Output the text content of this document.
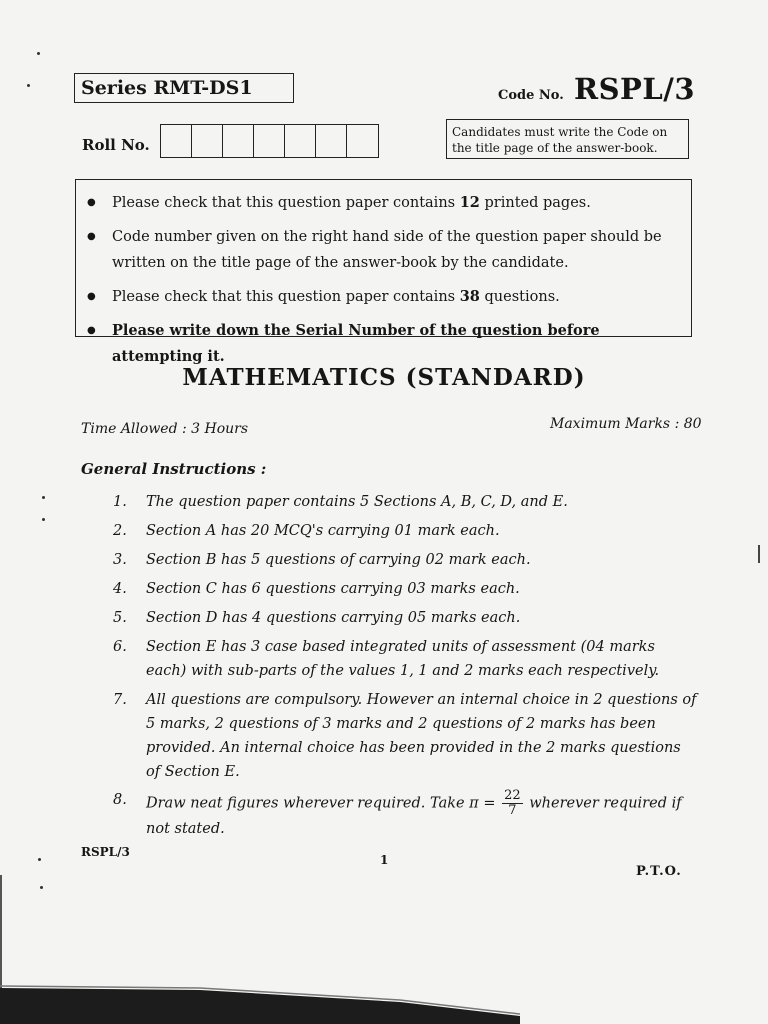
Series RMT-DS1	Code No. RSPL/3
Roll No.
Candidates must write the Code on the title page of the answer-book.
● Please check that this question paper contains 12 printed pages.
● Code number given on the right hand side of the question paper should be written on the title page of the answer-book by the candidate.
● Please check that this question paper contains 38 questions.
● Please write down the Serial Number of the question before attempting it.
MATHEMATICS (STANDARD)
Time Allowed : 3 Hours	Maximum Marks : 80
General Instructions :
1.	The question paper contains 5 Sections A, B, C, D, and E.
2.	Section A has 20 MCQ's carrying 01 mark each.
3.	Section B has 5 questions of carrying 02 mark each.
4.	Section C has 6 questions carrying 03 marks each.
5.	Section D has 4 questions carrying 05 marks each.
6.	Section E has 3 case based integrated units of assessment (04 marks each) with sub-parts of the values 1, 1 and 2 marks each respectively.
7.	All questions are compulsory. However an internal choice in 2 questions of 5 marks, 2 questions of 3 marks and 2 questions of 2 marks has been provided. An internal choice has been provided in the 2 marks questions of Section E.
8.	Draw neat figures wherever required. Take $\pi = \frac{22}{7}$ wherever required if not stated.
RSPL/3
1
P.T.O.
